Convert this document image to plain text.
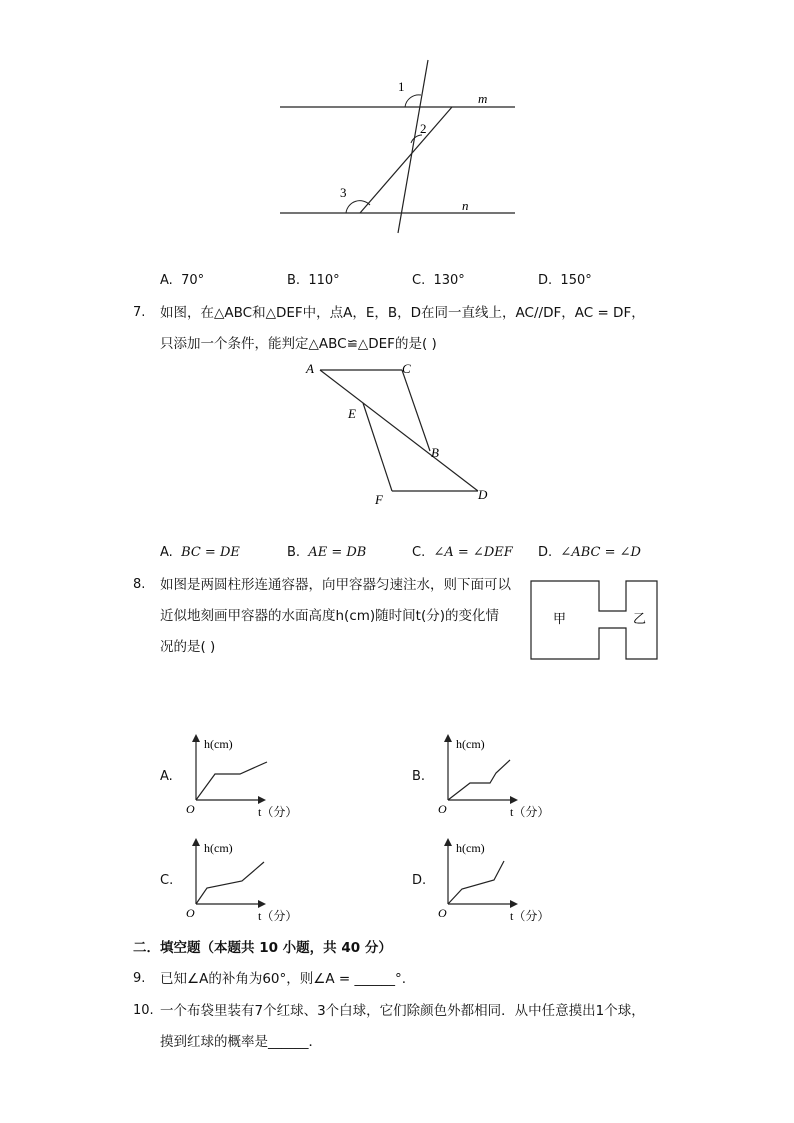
1
2
3
m
n
A. 70°	B. 110°	C. 130°	D. 150°
7. 如图，在△ABC和△DEF中，点A，E，B，D在同一直线上，AC//DF，AC = DF，
只添加一个条件，能判定△ABC≌△DEF的是( )
A	C
E
B
F	D
A. BC = DE	B. AE = DB	C. ∠A = ∠DEF D. ∠ABC = ∠D
8. 如图是两圆柱形连通容器，向甲容器匀速注水，则下面可以
近似地刻画甲容器的水面高度h(cm)随时间t(分)的变化情
况的是( )
甲	乙
A.
h(cm)
O	t（分）
B.
h(cm)
O	t（分）
C.
h(cm)
O	t（分）
D.
h(cm)
O	t（分）
二．填空题（本题共 10 小题，共 40 分）
9. 已知∠A的补角为60°，则∠A = ______°.
10. 一个布袋里装有7个红球、3个白球，它们除颜色外都相同．从中任意摸出1个球，
摸到红球的概率是______．
